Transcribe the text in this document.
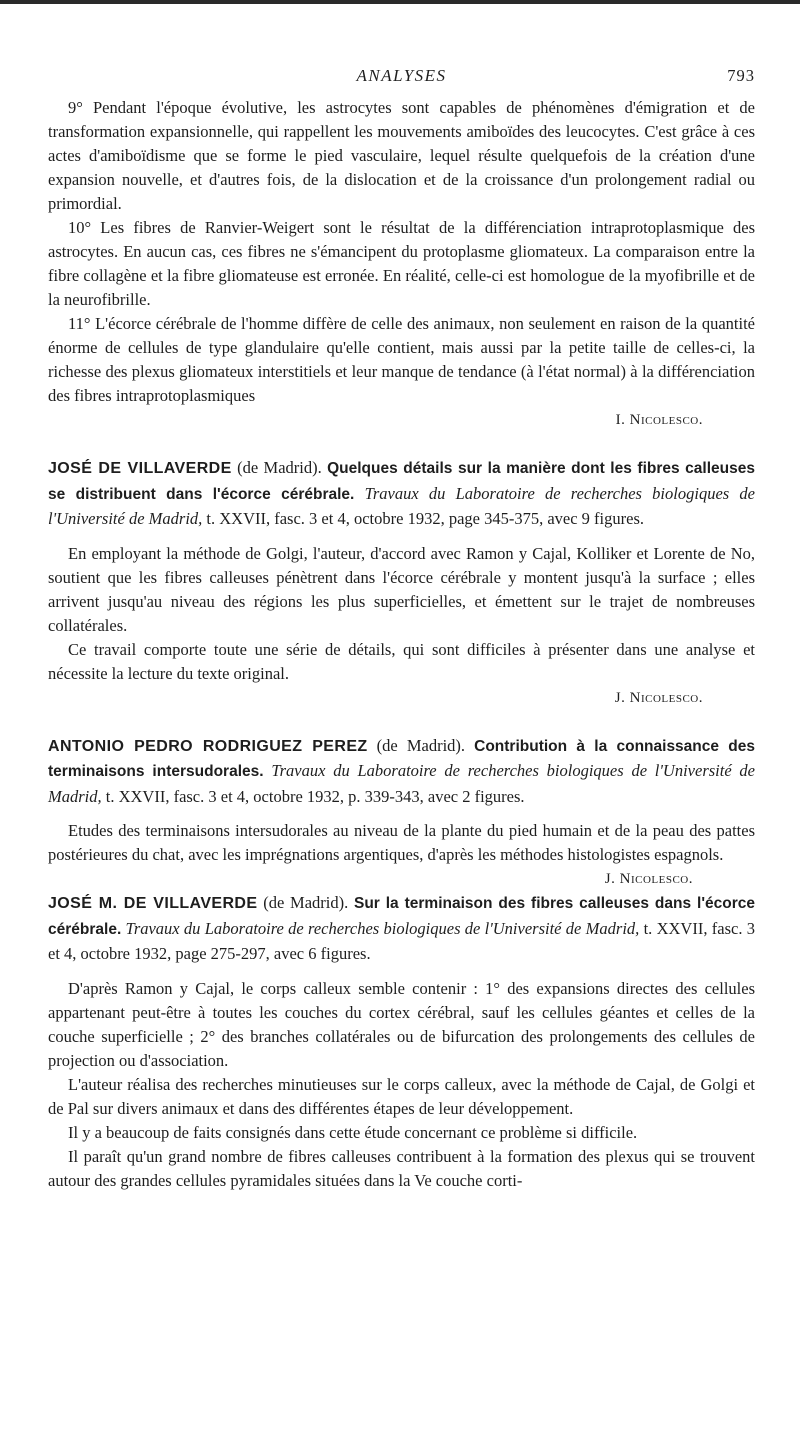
ANALYSES	793

9° Pendant l'époque évolutive, les astrocytes sont capables de phénomènes d'émigration et de transformation expansionnelle, qui rappellent les mouvements amiboïdes des leucocytes. C'est grâce à ces actes d'amiboïdisme que se forme le pied vasculaire, lequel résulte quelquefois de la création d'une expansion nouvelle, et d'autres fois, de la dislocation et de la croissance d'un prolongement radial ou primordial.

10° Les fibres de Ranvier-Weigert sont le résultat de la différenciation intraprotoplasmique des astrocytes. En aucun cas, ces fibres ne s'émancipent du protoplasme gliomateux. La comparaison entre la fibre collagène et la fibre gliomateuse est erronée. En réalité, celle-ci est homologue de la myofibrille et de la neurofibrille.

11° L'écorce cérébrale de l'homme diffère de celle des animaux, non seulement en raison de la quantité énorme de cellules de type glandulaire qu'elle contient, mais aussi par la petite taille de celles-ci, la richesse des plexus gliomateux interstitiels et leur manque de tendance (à l'état normal) à la différenciation des fibres intraprotoplasmiques

I. Nicolesco.
JOSÉ DE VILLAVERDE (de Madrid). Quelques détails sur la manière dont les fibres calleuses se distribuent dans l'écorce cérébrale. Travaux du Laboratoire de recherches biologiques de l'Université de Madrid, t. XXVII, fasc. 3 et 4, octobre 1932, page 345-375, avec 9 figures.

En employant la méthode de Golgi, l'auteur, d'accord avec Ramon y Cajal, Kolliker et Lorente de No, soutient que les fibres calleuses pénètrent dans l'écorce cérébrale y montent jusqu'à la surface ; elles arrivent jusqu'au niveau des régions les plus superficielles, et émettent sur le trajet de nombreuses collatérales.

Ce travail comporte toute une série de détails, qui sont difficiles à présenter dans une analyse et nécessite la lecture du texte original.

J. Nicolesco.
ANTONIO PEDRO RODRIGUEZ PEREZ (de Madrid). Contribution à la connaissance des terminaisons intersudorales. Travaux du Laboratoire de recherches biologiques de l'Université de Madrid, t. XXVII, fasc. 3 et 4, octobre 1932, p. 339-343, avec 2 figures.

Etudes des terminaisons intersudorales au niveau de la plante du pied humain et de la peau des pattes postérieures du chat, avec les imprégnations argentiques, d'après les méthodes histologistes espagnols.
J. Nicolesco.

JOSÉ M. DE VILLAVERDE (de Madrid). Sur la terminaison des fibres calleuses dans l'écorce cérébrale. Travaux du Laboratoire de recherches biologiques de l'Université de Madrid, t. XXVII, fasc. 3 et 4, octobre 1932, page 275-297, avec 6 figures.

D'après Ramon y Cajal, le corps calleux semble contenir : 1° des expansions directes des cellules appartenant peut-être à toutes les couches du cortex cérébral, sauf les cellules géantes et celles de la couche superficielle ; 2° des branches collatérales ou de bifurcation des prolongements des cellules de projection ou d'association.

L'auteur réalisa des recherches minutieuses sur le corps calleux, avec la méthode de Cajal, de Golgi et de Pal sur divers animaux et dans des différentes étapes de leur développement.

Il y a beaucoup de faits consignés dans cette étude concernant ce problème si difficile.

Il paraît qu'un grand nombre de fibres calleuses contribuent à la formation des plexus qui se trouvent autour des grandes cellules pyramidales situées dans la Ve couche corti-
